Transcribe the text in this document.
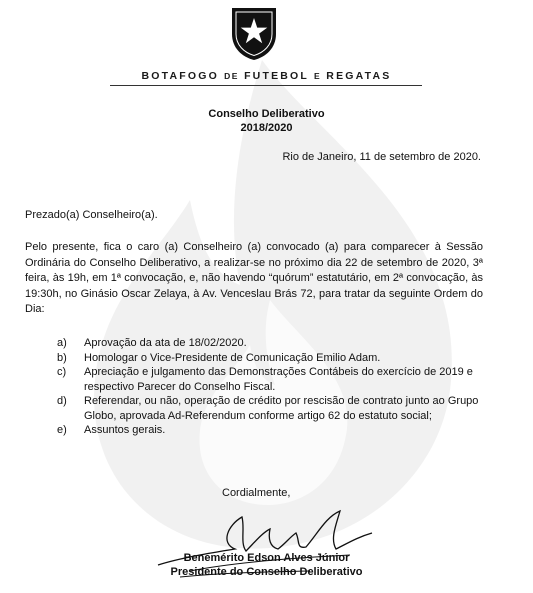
BOTAFOGO DE FUTEBOL E REGATAS
Conselho Deliberativo
2018/2020
Rio de Janeiro, 11 de setembro de 2020.
Prezado(a) Conselheiro(a).
Pelo presente, fica o caro (a) Conselheiro (a) convocado (a) para comparecer à Sessão Ordinária do Conselho Deliberativo, a realizar-se no próximo dia 22 de setembro de 2020, 3ª feira, às 19h, em 1ª convocação, e, não havendo “quórum” estatutário, em 2ª convocação, às 19:30h, no Ginásio Oscar Zelaya, à Av. Venceslau Brás 72, para tratar da seguinte Ordem do Dia:
a) Aprovação da ata de 18/02/2020.
b) Homologar o Vice-Presidente de Comunicação Emilio Adam.
c) Apreciação e julgamento das Demonstrações Contábeis do exercício de 2019 e respectivo Parecer do Conselho Fiscal.
d) Referendar, ou não, operação de crédito por rescisão de contrato junto ao Grupo Globo, aprovada Ad-Referendum conforme artigo 62 do estatuto social;
e) Assuntos gerais.
Cordialmente,
Benemérito Edson Alves Júnior
Presidente do Conselho Deliberativo
